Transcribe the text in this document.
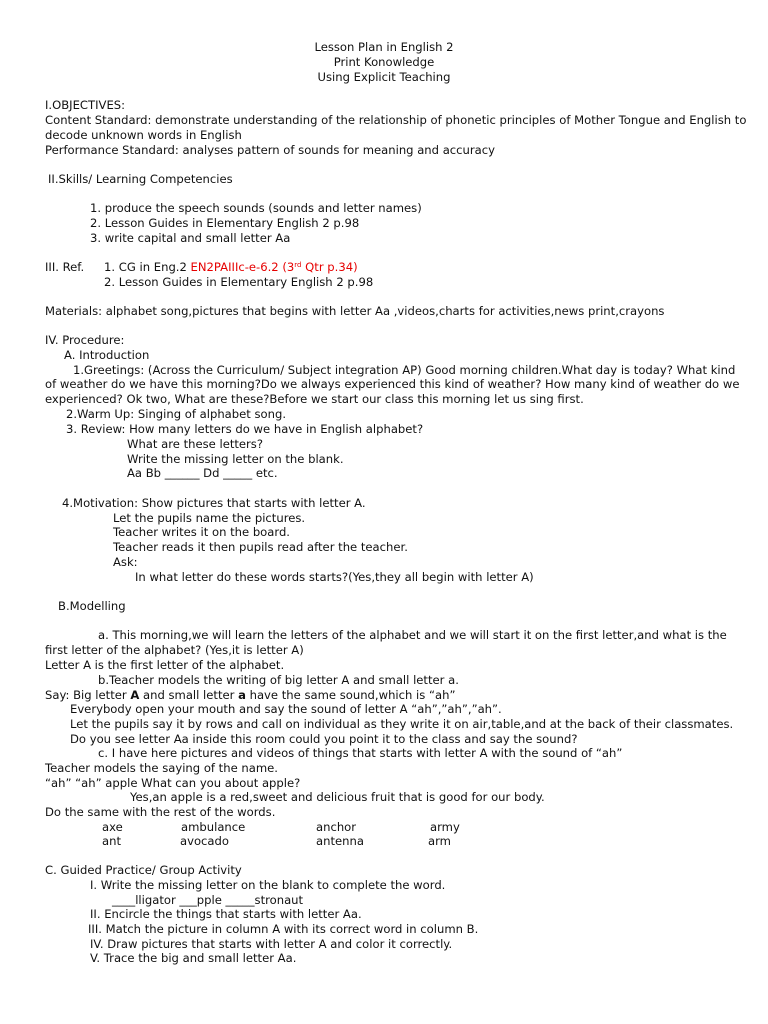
Lesson Plan in English 2
Print Konowledge
Using Explicit Teaching
I.OBJECTIVES:
Content Standard: demonstrate understanding of the relationship of phonetic principles of Mother Tongue and English to
decode unknown words in English
Performance Standard: analyses pattern of sounds for meaning and accuracy
II.Skills/ Learning Competencies
1. produce the speech sounds (sounds and letter names)
2. Lesson Guides in Elementary English 2 p.98
3. write capital and small letter Aa
III. Ref. 1. CG in Eng.2 EN2PAIIIc-e-6.2 (3rd Qtr p.34)
2. Lesson Guides in Elementary English 2 p.98
Materials: alphabet song,pictures that begins with letter Aa ,videos,charts for activities,news print,crayons
IV. Procedure:
A. Introduction
1.Greetings: (Across the Curriculum/ Subject integration AP) Good morning children.What day is today? What kind
of weather do we have this morning?Do we always experienced this kind of weather? How many kind of weather do we
experienced? Ok two, What are these?Before we start our class this morning let us sing first.
2.Warm Up: Singing of alphabet song.
3. Review: How many letters do we have in English alphabet?
What are these letters?
Write the missing letter on the blank.
Aa Bb ______ Dd _____ etc.
4.Motivation: Show pictures that starts with letter A.
Let the pupils name the pictures.
Teacher writes it on the board.
Teacher reads it then pupils read after the teacher.
Ask:
In what letter do these words starts?(Yes,they all begin with letter A)
B.Modelling
a. This morning,we will learn the letters of the alphabet and we will start it on the first letter,and what is the
first letter of the alphabet? (Yes,it is letter A)
Letter A is the first letter of the alphabet.
b.Teacher models the writing of big letter A and small letter a.
Say: Big letter A and small letter a have the same sound,which is “ah”
Everybody open your mouth and say the sound of letter A “ah”,”ah”,”ah”.
Let the pupils say it by rows and call on individual as they write it on air,table,and at the back of their classmates.
Do you see letter Aa inside this room could you point it to the class and say the sound?
c. I have here pictures and videos of things that starts with letter A with the sound of “ah”
Teacher models the saying of the name.
“ah” “ah” apple What can you about apple?
Yes,an apple is a red,sweet and delicious fruit that is good for our body.
Do the same with the rest of the words.
axe	ambulance	anchor	army
ant	avocado	antenna	arm
C. Guided Practice/ Group Activity
I. Write the missing letter on the blank to complete the word.
____lligator ___pple _____stronaut
II. Encircle the things that starts with letter Aa.
III. Match the picture in column A with its correct word in column B.
IV. Draw pictures that starts with letter A and color it correctly.
V. Trace the big and small letter Aa.
